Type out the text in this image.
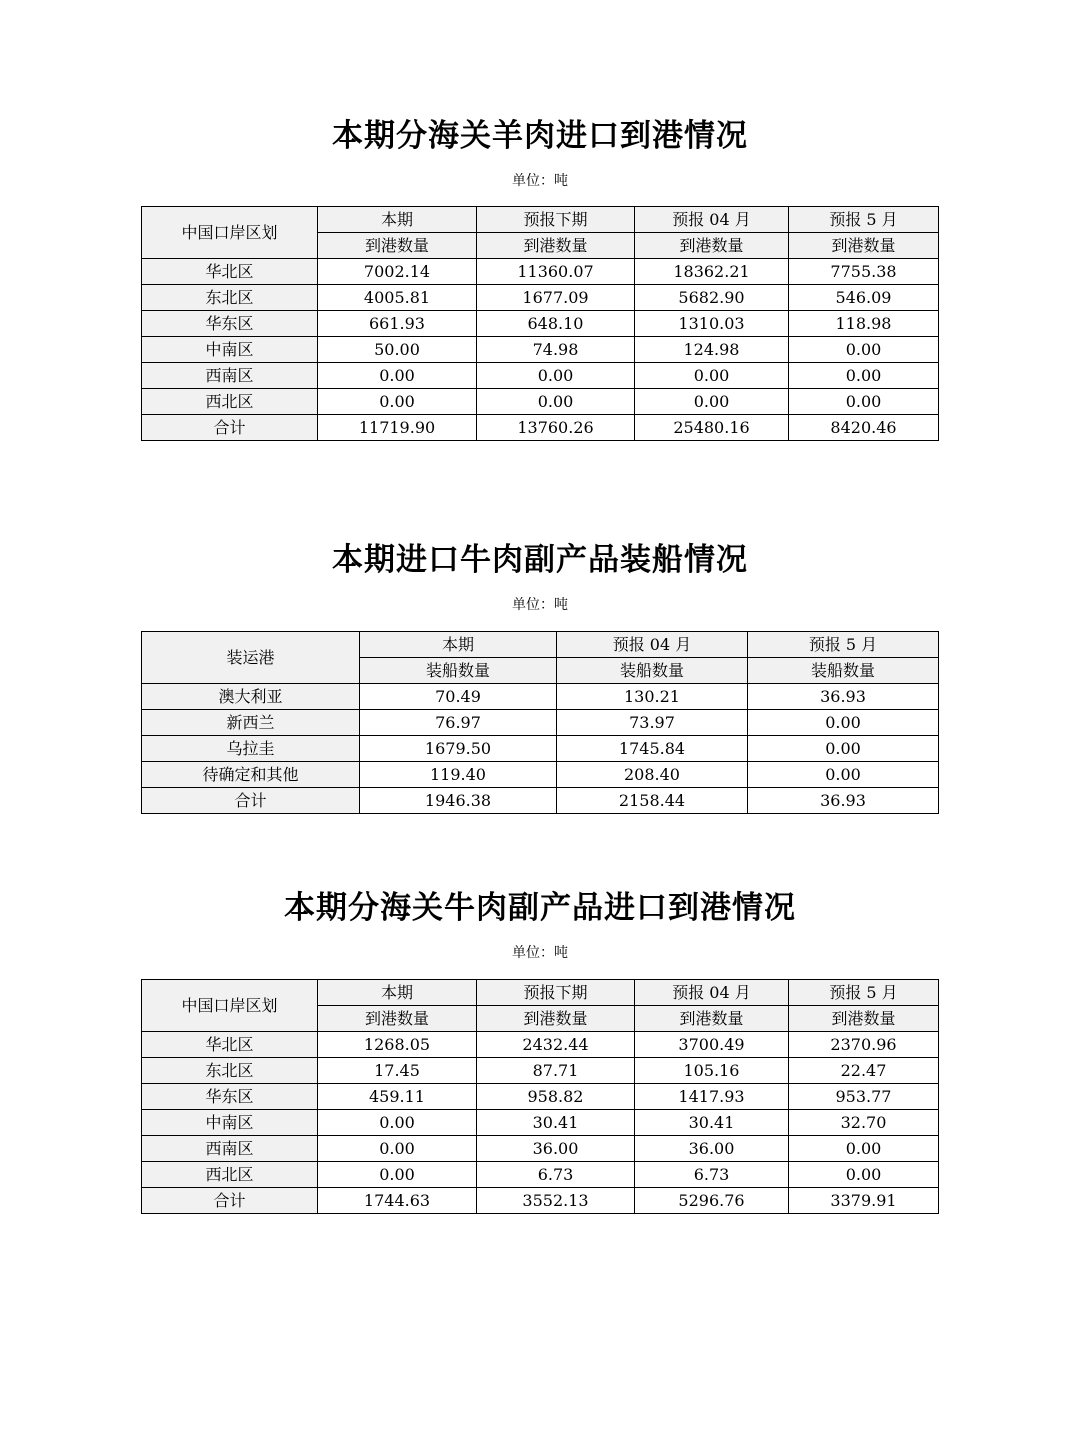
本期分海关羊肉进口到港情况
单位：吨
中国口岸区划	本期	预报下期	预报 04 月	预报 5 月
	到港数量	到港数量	到港数量	到港数量
华北区	7002.14	11360.07	18362.21	7755.38
东北区	4005.81	1677.09	5682.90	546.09
华东区	661.93	648.10	1310.03	118.98
中南区	50.00	74.98	124.98	0.00
西南区	0.00	0.00	0.00	0.00
西北区	0.00	0.00	0.00	0.00
合计	11719.90	13760.26	25480.16	8420.46
本期进口牛肉副产品装船情况
单位：吨
装运港	本期	预报 04 月	预报 5 月
	装船数量	装船数量	装船数量
澳大利亚	70.49	130.21	36.93
新西兰	76.97	73.97	0.00
乌拉圭	1679.50	1745.84	0.00
待确定和其他	119.40	208.40	0.00
合计	1946.38	2158.44	36.93
本期分海关牛肉副产品进口到港情况
单位：吨
中国口岸区划	本期	预报下期	预报 04 月	预报 5 月
	到港数量	到港数量	到港数量	到港数量
华北区	1268.05	2432.44	3700.49	2370.96
东北区	17.45	87.71	105.16	22.47
华东区	459.11	958.82	1417.93	953.77
中南区	0.00	30.41	30.41	32.70
西南区	0.00	36.00	36.00	0.00
西北区	0.00	6.73	6.73	0.00
合计	1744.63	3552.13	5296.76	3379.91
